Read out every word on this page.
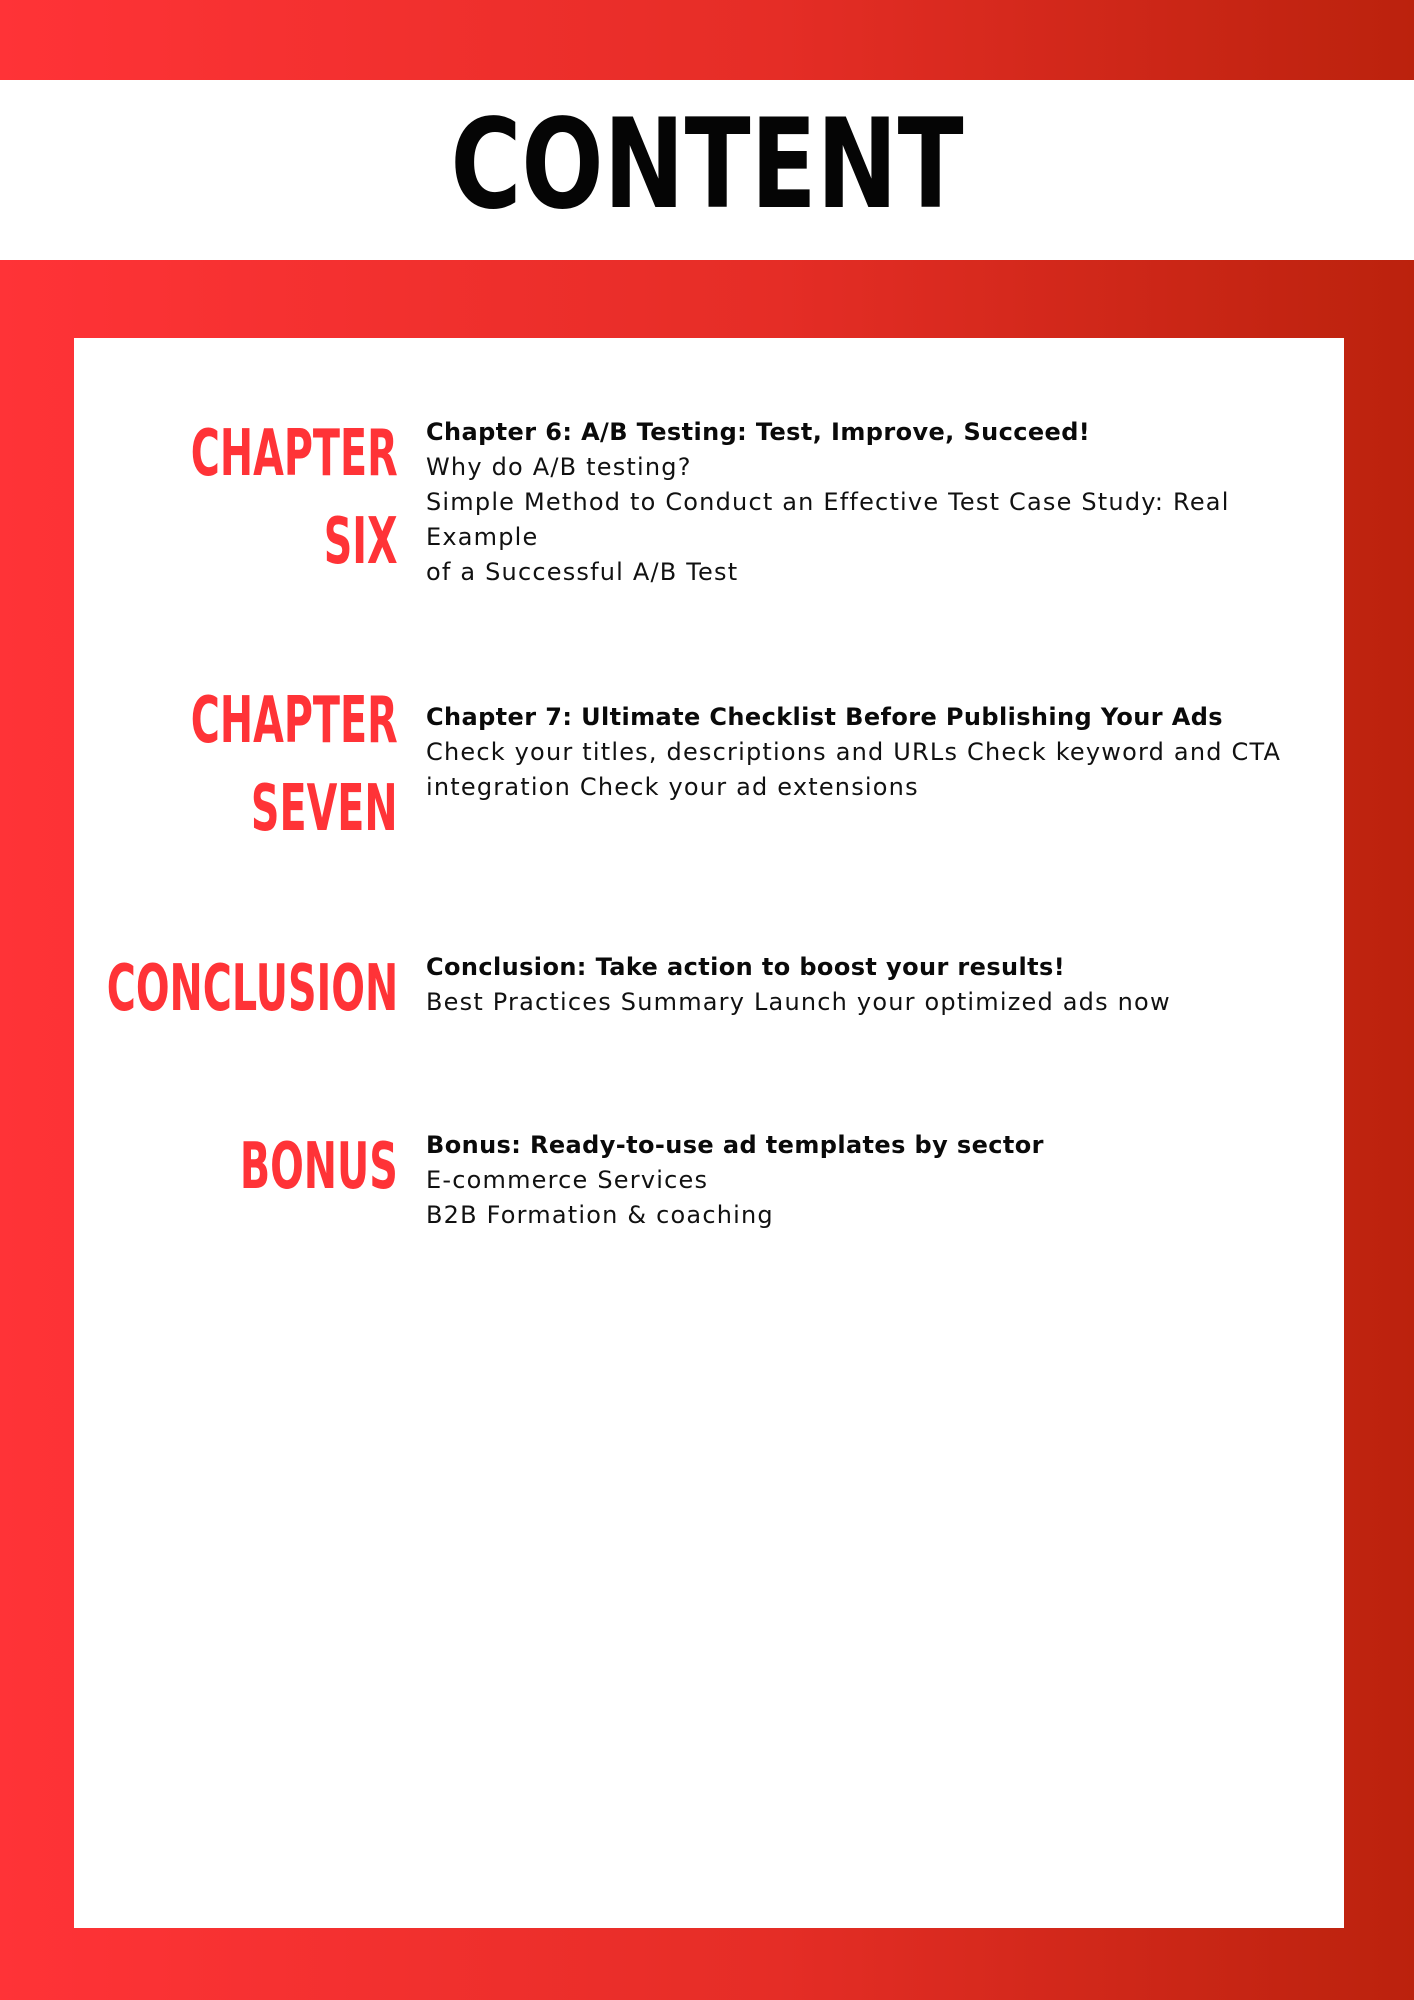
CONTENT
CHAPTER
SIX
Chapter 6: A/B Testing: Test, Improve, Succeed!
Why do A/B testing?
Simple Method to Conduct an Effective Test Case Study: Real Example
of a Successful A/B Test
CHAPTER
SEVEN
Chapter 7: Ultimate Checklist Before Publishing Your Ads
Check your titles, descriptions and URLs Check keyword and CTA
integration Check your ad extensions
CONCLUSION Conclusion: Take action to boost your results!
Best Practices Summary Launch your optimized ads now
BONUS Bonus: Ready-to-use ad templates by sector
E-commerce Services
B2B Formation & coaching
